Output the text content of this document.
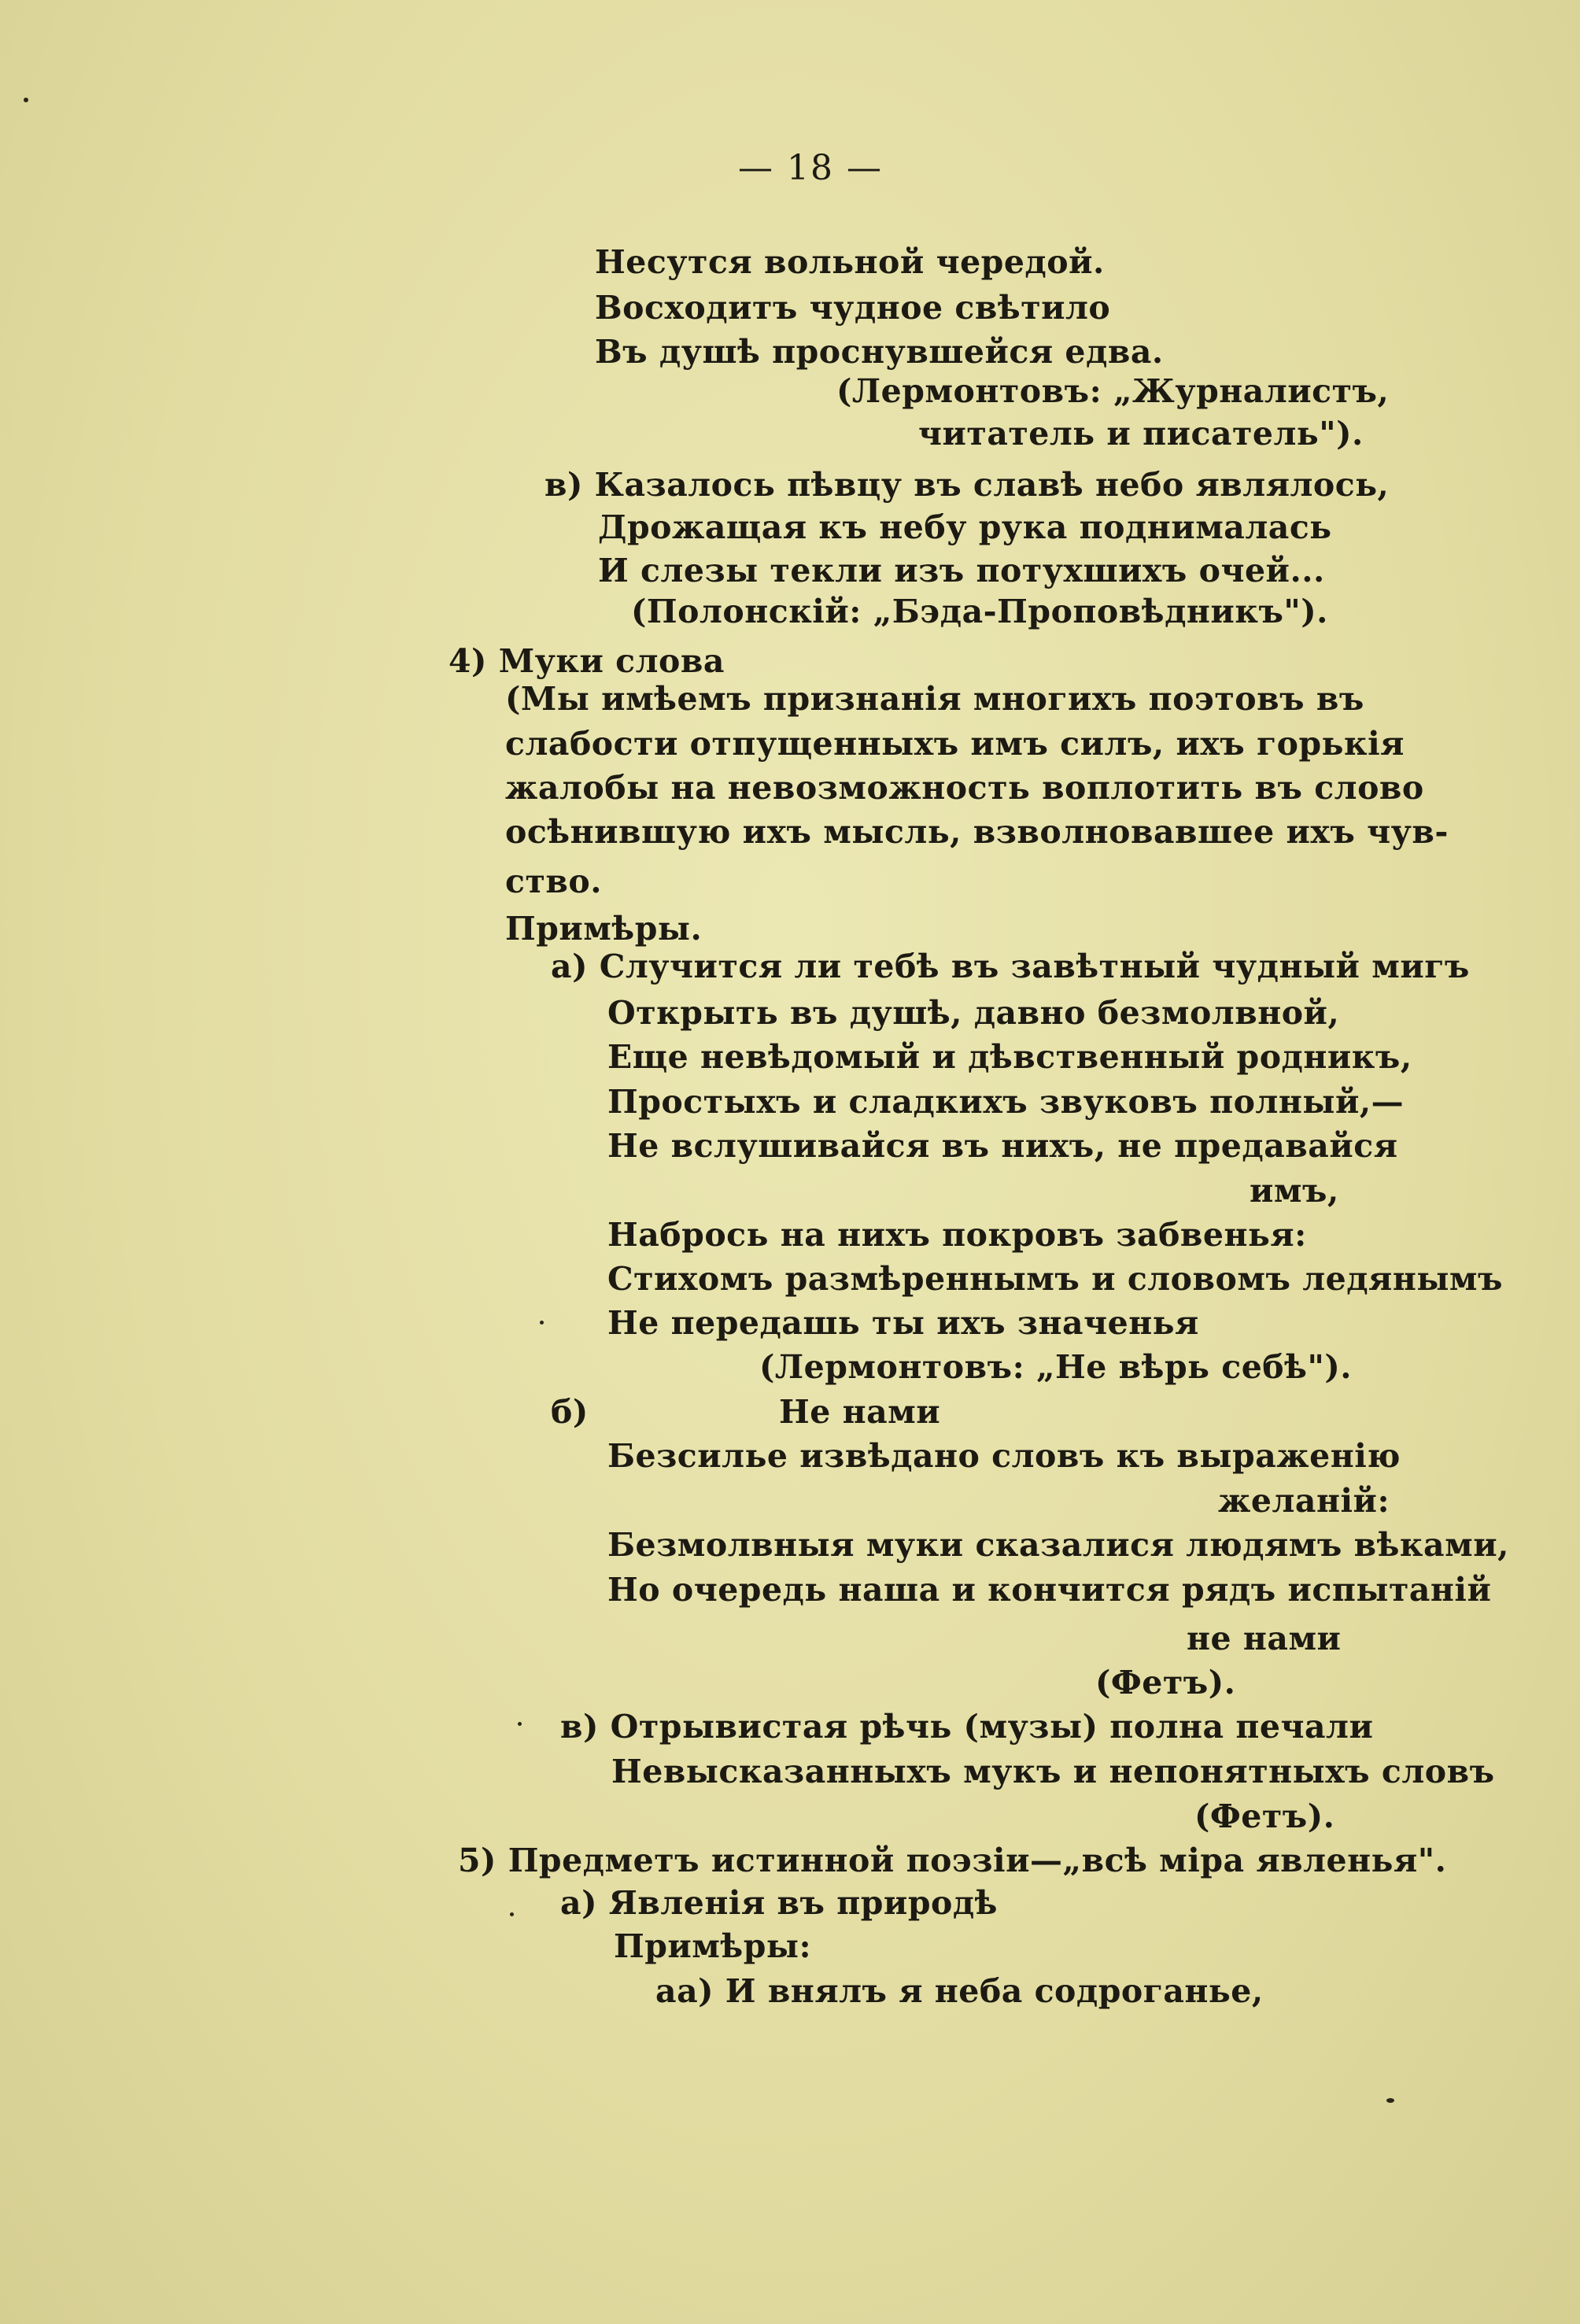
— 18 —
Несутся вольной чередой.
Восходитъ чудное свѣтило
Въ душѣ проснувшейся едва.
(Лермонтовъ: „Журналистъ,
читатель и писатель").
в) Казалось пѣвцу въ славѣ небо являлось,
Дрожащая къ небу рука поднималась
И слезы текли изъ потухшихъ очей...
(Полонскій: „Бэда-Проповѣдникъ").
4) Муки слова
(Мы имѣемъ признанія многихъ поэтовъ въ
слабости отпущенныхъ имъ силъ, ихъ горькія
жалобы на невозможность воплотить въ слово
осѣнившую ихъ мысль, взволновавшее ихъ чув-
ство.
Примѣры.
а) Случится ли тебѣ въ завѣтный чудный мигъ
Открыть въ душѣ, давно безмолвной,
Еще невѣдомый и дѣвственный родникъ,
Простыхъ и сладкихъ звуковъ полный,—
Не вслушивайся въ нихъ, не предавайся
имъ,
Набрось на нихъ покровъ забвенья:
Стихомъ размѣреннымъ и словомъ ледянымъ
Не передашь ты ихъ значенья
(Лермонтовъ: „Не вѣрь себѣ").
б)	Не нами
Безсилье извѣдано словъ къ выраженію
желаній:
Безмолвныя муки сказалися людямъ вѣками,
Но очередь наша и кончится рядъ испытаній
не нами
(Фетъ).
в) Отрывистая рѣчь (музы) полна печали
Невысказанныхъ мукъ и непонятныхъ словъ
(Фетъ).
5) Предметъ истинной поэзіи—„всѣ міра явленья".
а) Явленія въ природѣ
Примѣры:
аа) И внялъ я неба содроганье,
